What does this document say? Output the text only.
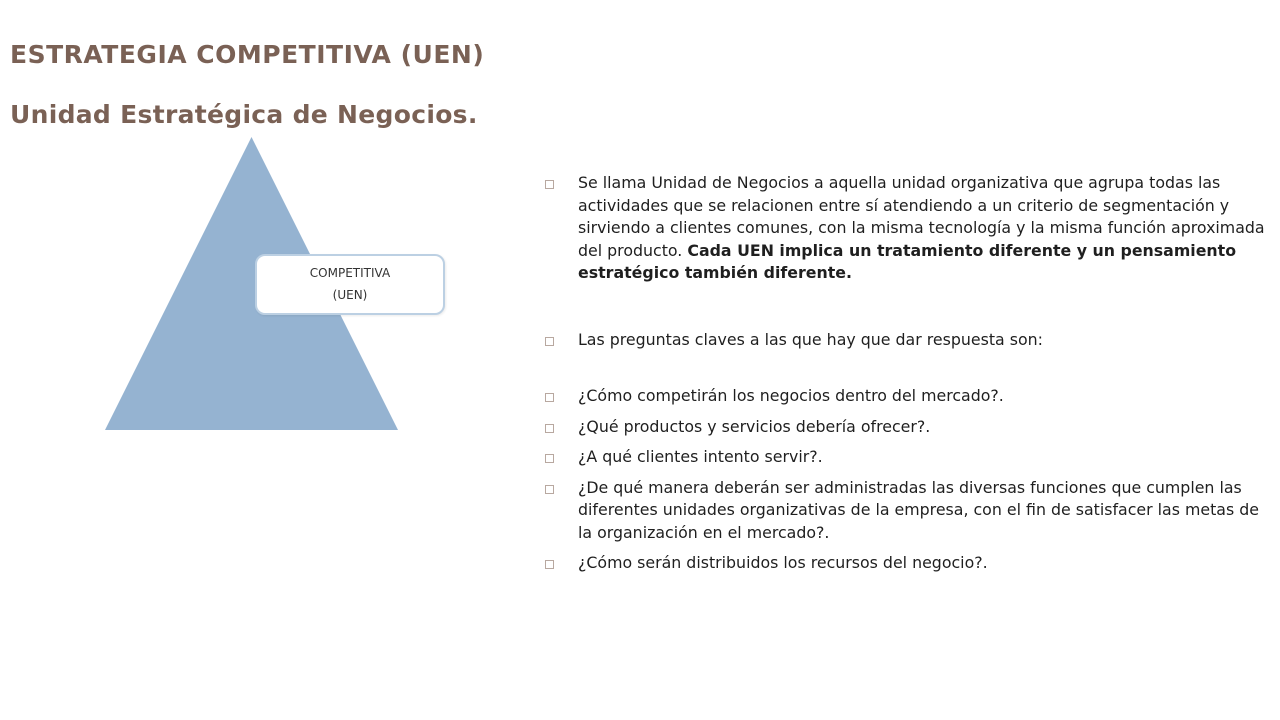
ESTRATEGIA COMPETITIVA (UEN)
Unidad Estratégica de Negocios.
COMPETITIVA
(UEN)

Se llama Unidad de Negocios a aquella unidad organizativa que agrupa todas las actividades que se relacionen entre sí atendiendo a un criterio de segmentación y sirviendo a clientes comunes, con la misma tecnología y la misma función aproximada del producto. Cada UEN implica un tratamiento diferente y un pensamiento estratégico también diferente.

Las preguntas claves a las que hay que dar respuesta son:

¿Cómo competirán los negocios dentro del mercado?.

¿Qué productos y servicios debería ofrecer?.

¿A qué clientes intento servir?.

¿De qué manera deberán ser administradas las diversas funciones que cumplen las diferentes unidades organizativas de la empresa, con el fin de satisfacer las metas de la organización en el mercado?.

¿Cómo serán distribuidos los recursos del negocio?.
